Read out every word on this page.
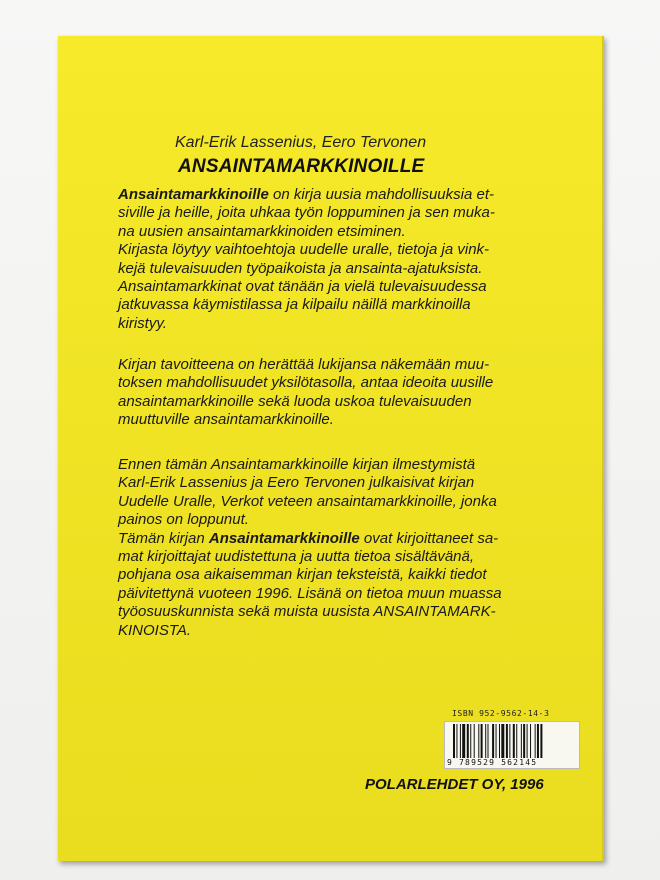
Karl-Erik Lassenius, Eero Tervonen
ANSAINTAMARKKINOILLE
Ansaintamarkkinoille on kirja uusia mahdollisuuksia et-
siville ja heille, joita uhkaa työn loppuminen ja sen muka-
na uusien ansaintamarkkinoiden etsiminen.
Kirjasta löytyy vaihtoehtoja uudelle uralle, tietoja ja vink-
kejä tulevaisuuden työpaikoista ja ansainta-ajatuksista.
Ansaintamarkkinat ovat tänään ja vielä tulevaisuudessa
jatkuvassa käymistilassa ja kilpailu näillä markkinoilla
kiristyy.
Kirjan tavoitteena on herättää lukijansa näkemään muu-
toksen mahdollisuudet yksilötasolla, antaa ideoita uusille
ansaintamarkkinoille sekä luoda uskoa tulevaisuuden
muuttuville ansaintamarkkinoille.
Ennen tämän Ansaintamarkkinoille kirjan ilmestymistä
Karl-Erik Lassenius ja Eero Tervonen julkaisivat kirjan
Uudelle Uralle, Verkot veteen ansaintamarkkinoille, jonka
painos on loppunut.
Tämän kirjan Ansaintamarkkinoille ovat kirjoittaneet sa-
mat kirjoittajat uudistettuna ja uutta tietoa sisältävänä,
pohjana osa aikaisemman kirjan teksteistä, kaikki tiedot
päivitettynä vuoteen 1996. Lisänä on tietoa muun muassa
työosuuskunnista sekä muista uusista ANSAINTAMARK-
KINOISTA.
ISBN 952-9562-14-3
9 789529 562145
POLARLEHDET OY, 1996
